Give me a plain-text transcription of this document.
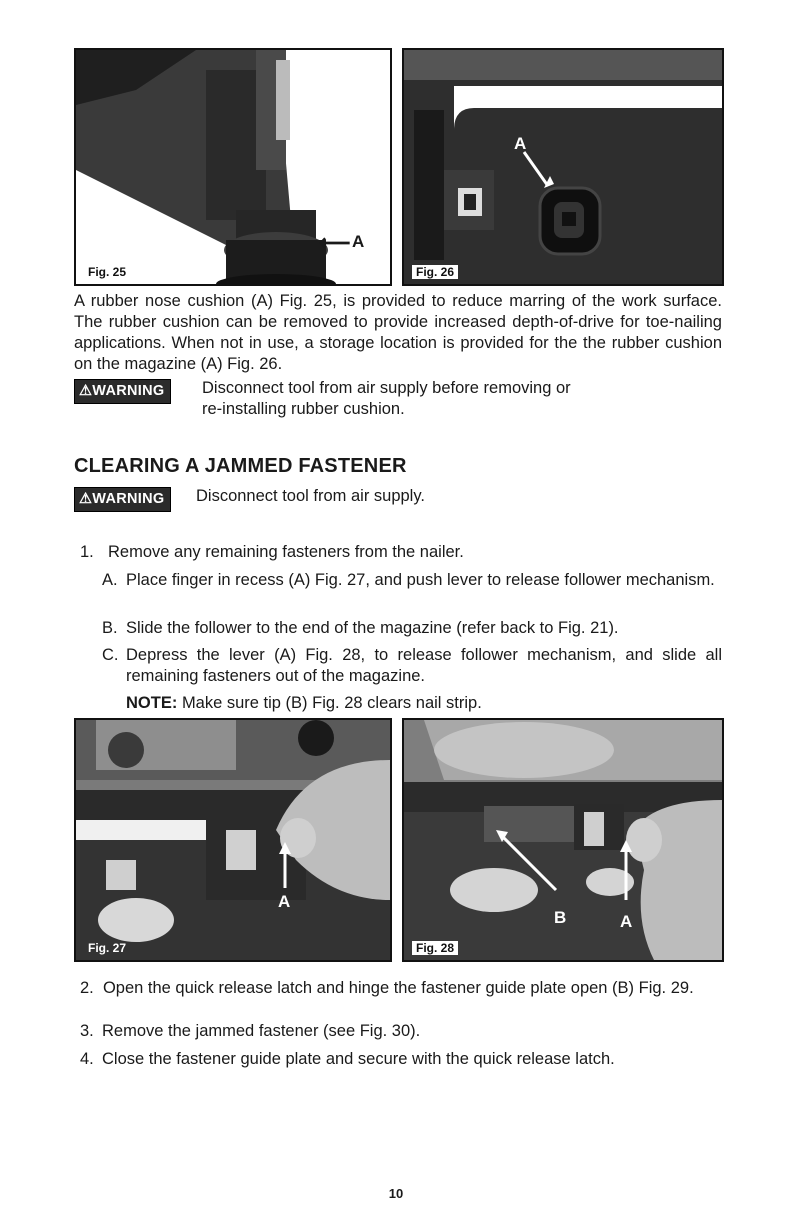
A
⟵
Fig. 25
A
Fig. 26

A rubber nose cushion (A) Fig. 25, is provided to reduce marring of the work surface. The rubber cushion can be removed to provide increased depth-of-drive for toe-nailing applications. When not in use, a storage location is provided for the the rubber cushion on the magazine (A) Fig. 26.

⚠WARNING Disconnect tool from air supply before removing or
re-installing rubber cushion.
CLEARING A JAMMED FASTENER
⚠WARNING Disconnect tool from air supply.
1. Remove any remaining fasteners from the nailer.
A. Place finger in recess (A) Fig. 27, and push lever to release follower mechanism.
B. Slide the follower to the end of the magazine (refer back to Fig. 21).
C. Depress the lever (A) Fig. 28, to release follower mechanism, and slide all remaining fasteners out of the magazine.
NOTE: Make sure tip (B) Fig. 28 clears nail strip.
A
Fig. 27
B	A
Fig. 28

2. Open the quick release latch and hinge the fastener guide plate open (B) Fig. 29.

3. Remove the jammed fastener (see Fig. 30).
4. Close the fastener guide plate and secure with the quick release latch.
10
